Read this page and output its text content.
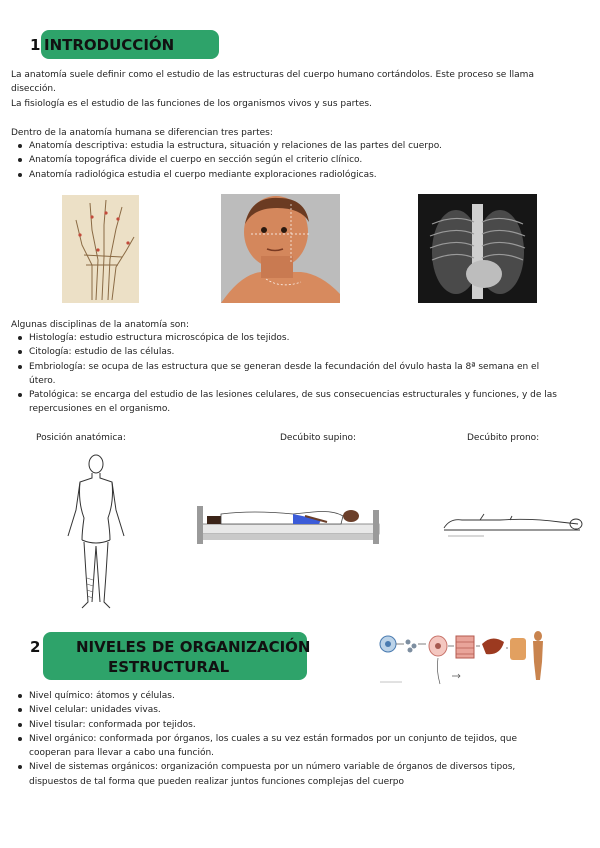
1 INTRODUCCIÓN
La anatomía suele definir como el estudio de las estructuras del cuerpo humano cortándolos. Este proceso se llama
disección.
La fisiología es el estudio de las funciones de los organismos vivos y sus partes.
Dentro de la anatomía humana se diferencian tres partes:
Anatomía descriptiva: estudia la estructura, situación y relaciones de las partes del cuerpo.
Anatomía topográfica divide el cuerpo en sección según el criterio clínico.
Anatomía radiológica estudia el cuerpo mediante exploraciones radiológicas.
Algunas disciplinas de la anatomía son:
Histología: estudio estructura microscópica de los tejidos.
Citología: estudio de las células.
Embriología: se ocupa de las estructura que se generan desde la fecundación del óvulo hasta la 8ª semana en el
útero.
Patológica: se encarga del estudio de las lesiones celulares, de sus consecuencias estructurales y funciones, y de las
repercusiones en el organismo.
Posición anatómica:	Decúbito supino:	Decúbito prono:
2 NIVELES DE ORGANIZACIÓN
ESTRUCTURAL
Nivel químico: átomos y células.
Nivel celular: unidades vivas.
Nivel tisular: conformada por tejidos.
Nivel orgánico: conformada por órganos, los cuales a su vez están formados por un conjunto de tejidos, que
cooperan para llevar a cabo una función.
Nivel de sistemas orgánicos: organización compuesta por un número variable de órganos de diversos tipos,
dispuestos de tal forma que pueden realizar juntos funciones complejas del cuerpo
